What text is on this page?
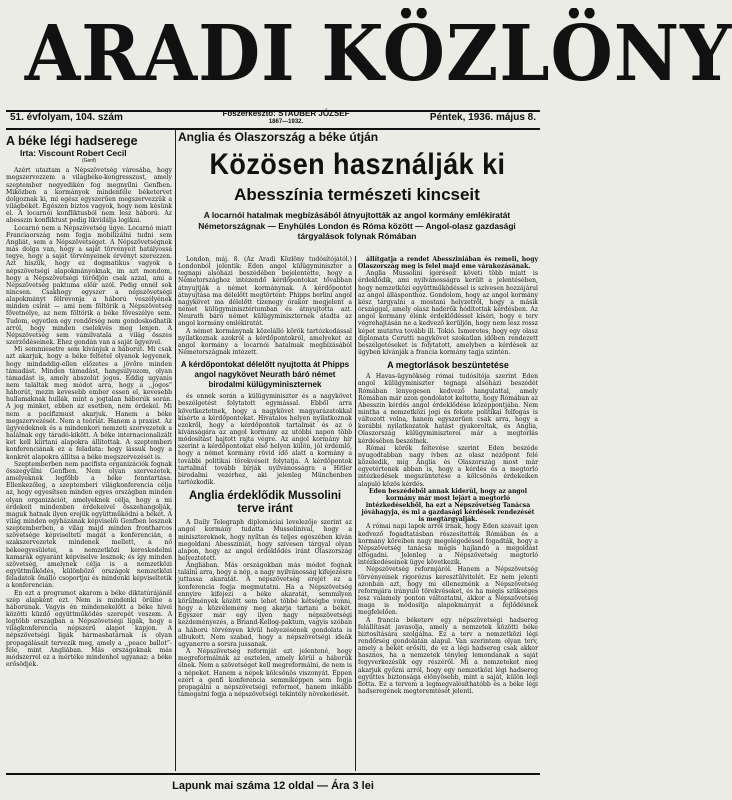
ARADI KÖZLÖNY
51. évfolyam, 104. szám	Főszerkesztő: STAUBER JÓZSEF
1867—1932.	Péntek, 1936. május 8.
A béke légi hadserege
Irta: Viscount Robert Cecil
(Genf)

Azért utaztam a Népszövetség városába, hogy megszervezzem a világbéke-kongresszust, amely szeptember negyedikén fog megnyílni Genfben. Miközben a kormányok mindenféle béketervet dolgoznak ki, mi egész egyszerűen megszervezzük a világbékét. Egészen biztos vagyok, hogy nem késünk el. A locarnói konfliktusból nem lesz háború. Az abesszin konfliktust pedig likvidálja logikai.

Locarnó nem a Népszövetség ügye. Locarnó miatt Franciaország nem fogja mobilizálni tudni sem Angliát, sem a Népszövetséget. A Népszövetségnek más dolga van, hogy a saját törvényeit hatályossá tegye, hogy a saját törvényeinek érvényt szerezzen. Azt hiszük, hogy ez dogmatikus vagyok a népszövetségi alapokmányoknak, im azt mondom, hogy a Népszövetségi törődjön csak azzal, ami a Népszövetség paktuma előír azól. Pedig ennél sok nincsen. Csakhogy egyszer a népszövetségi alapokmányt félrevonja a háború veszélyének minden csírát — ami nem föltörik a Népszövetség fővetnélye, az nem föltörik a béke főveszélye sem. Tudom, egyetlen egy rendőrség nem gondoskodhatik arról, hogy minden cselekvés meg lenjen. A Népszövetség sem vámilvatala a világ összes szerződéseinek. Ehez gondán van a saját ügyeivel.

Mi semmiesetre sem kívánjuk a háborút. Mi csak azt akarjuk, hogy a béke feltétel olyanok legyenek, hogy mindaddig-ellen előzetes a jövőre minden támadást. Minden támadást, hangsúlyozom, olyan támadást is, amely abszolút jogos. Eddig ugyanis nem találták meg módot arra, hogy a ,,jogos” háborút, mezin kevesebb ember essen el, kevesebb hullamaknak hullák, mint a jogtalan háborúk során. A jog minket, ebben az esetben, nem érdekel. Mi nem a pacifizmust akarjuk. Hanem a béke megszervezését. Nem a teóriát. Hanem a praxist. Az ügyvédeknek és a mindenkori nemzeti szervezetek a halálnak egy táradó-kikött. A béke internacionalizált ket kell kiirtani alapokra állítottak. A szeptemberi konferenciának ez a feladata: hogy lássuk hogy a konkrét alapokra állítsa a béke megszervezését is.

Szeptemberben nem pacifista organizációk fognak összegyűlni Genfben. Nem olyan szervezetek, amelyeknek legfőbb a béke fenntartása. Ellenkezőleg, a szeptemberi világkonferencia célja az, hogy egyesítsen minden egyes országban minden olyan organizációt, amelyeknek célja, hogy a mi érdekeit mindenben érdekeivel összehangolják, maguk hatnak ilyen erejük együttműködni a békét. A világ minden egyházának képviselői Genfben lesznek szeptemberben, a világ majd minden frontharcos szövetsége képviselteti magát a konferencián, a szakszervezetek mindenek mellett, a nő békeegyesületei, a nemzetközi kereskedelmi kamarák egyaránt képviselve lesznek; és így minden szövetség, amelynek célja is a nemzetközi együttműködés, különböző országok nemzetközi feladatok őnálló csoportjai és mindenki képviseltetik a konferencián.

En ezt a programot akarom a béke diktatúrájánál szép alapként ezt. Nem is mindenki örülne a háborúnak. Vagyis én mindenekelőtt a béke hívei közötti küzdő együttműködés szerepét veszem. A legtöbb országban a Népszövetségi ligák, hogy a világkonferencia népszerű alapot kapjon. A népszövetségi ligák hármashatárnak is olyan propagálásait tervezik meg, amely a ,,peace ballot”-féle, mint Angliában. Más országoknak más módszerrel ez a mértéke mindenhol ugyanaz: a béke erősödjék.

Anglia és Olaszország a béke útján
Közösen használják ki
Abesszínia természeti kincseit
A locarnói hatalmak megbízásából átnyujtották az angol kormány emlékiratát Németországnak — Enyhülés London és Róma között — Angol-olasz gazdasági tárgyalások folynak Rómában

London, máj. 8. (Az Aradi Közlöny tudósítójától.) Londonból jelentik: Eden angol külügyminiszter a tegnapi alsóházi beszédében bejelentette, hogy a Németországhoz intézendő kérdőpontokat tővabban átnyujtják a német kormánynak. A kérdőpontot átnyujtása ma délelőtt megtörtént: Phipps berlini angol nagykövet ma délelőtt tizenegy órakor megjelent a német külügyminisztériumban és átnyujtotta azt. Neurath báró német külügyminiszternek átadta az angol kormány emlékiratát.

A német kormánynak közelálló körök tartózkodással nyilatkoznak azokról a kérdőpontokról, amelyeket az angol kormány a locarnói hatalmak megbízásából Németországnak intézett.

A kérdőpontokat délelőtt nyujtotta át Phipps angol nagykövet Neurath báró német birodalmi külügyminiszternek

és ennek során a külügyminiszter és a nagykövet beszélgetést folytatott egymással. Ebből arra következtetnek, hogy a nagykövet magyarázatokkal kísérte a kérdőpontokat. Hivatalos helyen nyilatkoznak ezekről, hogy a kérdőpontok tartalmát és az ó kívánságára az angol kormány az utóbbi napon több módosítást hajtott rajta végre. Az angol kormány hír szerint a kérdőpontokat első helyen külön, jól érdemlő, hogy a német kormány rövid idő alatt a kormány a további politikai törekvéseit folytatja. A kérdőpontok tartalmát tovább bírják nyilvánosságra a Hitler birodalmi vezérhez, aki jelenleg Münchenben tartózkodik.

Anglia érdeklődik Mussolini terve iránt

A Daily Telegraph diplomáciai levelezője szerint az angol kormány tudatta Mussolinival, hogy a minisztereknek, hogy nyíltan és teljes egészében kíván megoldani Abessziniát, hogy szívesen tárgyal olyan alapon, hogy az angol érdeklődés iránt Olaszország helyeztetett.

Angliában. Más országokban más módot fognak találni arra, hogy a nép, a nagy nyilvánosság kifejezésre juttassa akaratát. A népszövetség erejét ez a konferencia fogja megmutatni. Ha a Népszövetség ennyire kifejezi a béke akaratát, semmilyen körülmények között sem lehet többé kétségbe vonni, hogy a közvélemény meg akarja tartani a békét. Egyszer már egy ilyen nagy népszövetségi kezdeményezés, a Briand-Kellog-paktum, vagyis szóban a háború törvényen kívül helyezésének gondolata is elbukott. Nem szabad, hogy a népszövetségi ideák ugyanerre a sorsra jussanak.

A Népszövetség reformját ezt jelentené, hogy megreformálnák az esztelen, amely körül a háborúk élnek. Nem a szövetséget kell megreformálni, de nem is a népeket. Hanem a népek kölcsönös viszonyát. Éppen ezért a genfi konferencia semmiképpen sem fogja propagálni a népszövetségi reformot, hanem inkább támogatni fogja a népszövetségi tekintély növekedését.

állítgatja a rendet Abessziniában és remeli, hogy Olaszország meg is felel majd eme várakozásának.

Anglia Mussolini ígéréseit követi több miatt is érdeklődik, ami nyilvánosságra került a jelentésében, hogy nemzetközi együttműködéssel is szívesen hozzájárul az angol állásponthoz. Gondolom, hogy az angol kormány kész tárgyalni a mostani helyzetről, hogy a másik országgal, amely olasz haderők hódítottak kérdésben. Az angol kormány élénk érdeklődéssel kíséri, hogy e terv végrehajtásán ne a kedvező kerüljön, hogy nem lesz rossz képet mutatva tovább ill. Tokió. Ismeretes, hogy egy olasz diplomata Cerutti nagykövet szokatlan időben rendezett beszélgetéseket is folytatott, amelyben a kérdések az ügyben kívánják a francia kormány tagja szintén.

A megtorlások beszüntetése

A Havas-ügynökség római tudósítója szerint Eden angol külügyminiszter tegnapi alsóházi beszédét Rómában lényegesen kedvező hangulattal, amely Rómában már azon gondolatot keltette, hogy Rómában az Abesszin kérdés angol érdeklődése középpontjába. Nem mintha a nemzetközi jogi és fekete politikai felfogás is változott volna, hanem egyszerűen csak arra, hogy a korábbi nyilatkozatok hatást gyakoroltak, és Anglia, Olaszország külügyminiszterei már a megtorlás kérdésében beszélnek.

Római körök feltevése szerint Eden beszéde nyugodtabban nagy ívben az olasz nézőpont felé közeledik, míg Anglia és Olaszország most már egyetértenek abban is, hogy a kérdés és a megtorló intézkedések megszüntetése a kölcsönös érdekeiken alapuló közös kérdés.

Eden beszédéből annak kiderül, hogy az angol kormány már most lejárt a megtorló intézkedésekből, ha ezt a Népszövetség Tanácsa jóváhagyja, és mi a gazdasági kérdések rendezését is megtárgyalják.

A római napi lapok arról írnak, hogy Eden szavait igen kedvező fogadtatásban részesítették Rómában és a kormány köreiben nagy megelégedéssel fogadták, hogy a Népszövetség tanácsa mégis hajlandó a megoldást elfogadni. Jelenleg a Népszövetség megtorló intézkedéseinek ügye következik.

Népszövetség reformjáról. Hanem a Népszövetség törvényeinek rigorózus keresztülvitelét. Ez nem jelenti azonban azt, hogy mi elleneznénk a Népszövetség reformjára irányuló törekvéseket, és ha mégis szükséges lesz valamely ponton változtatni, akkor a Népszövetség maga is módosítja alapokmányát a fejlődésnek megfelelően.

A francia béketerv egy népszövetségi hadsereg felállítását javasolja, amely a nemzetek közötti béke biztosítására szolgálna. Ez a terv a nemzetközi légi rendőrség gondolatán alapul. Van szerintem olyan terv, amely a békét erősíti, de ez a légi hadsereg csak akkor hasznos, ha a nemzetek tényleg lemondanak a saját fegyverkezésük egy részéről. Mi a nemzeteket meg akarjuk győzni arról, hogy egy nemzetközi légi hadsereg együttes biztonsága előnyösebb, mint a saját, külön légi flotta. Ez a tervem a legmegvalósíthatóbb és a béke légi hadseregének megteremtését jelenti.

Lapunk mai száma 12 oldal — Ára 3 lei
